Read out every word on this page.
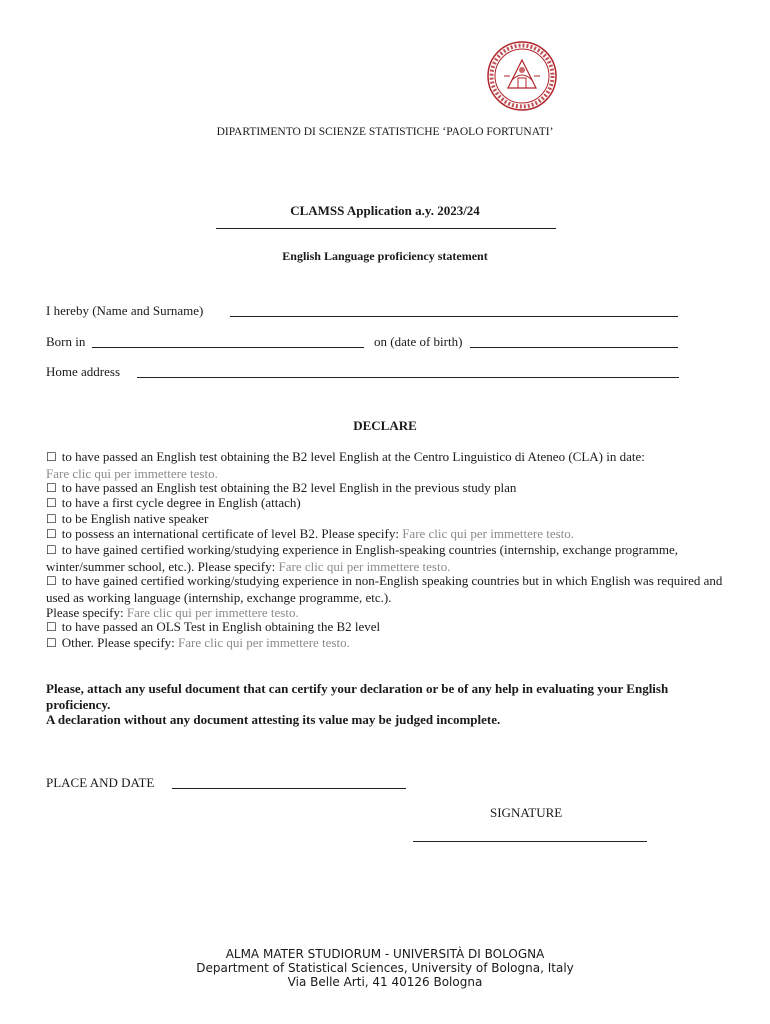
DIPARTIMENTO DI SCIENZE STATISTICHE ‘PAOLO FORTUNATI’
CLAMSS Application a.y. 2023/24
English Language proficiency statement
I hereby (Name and Surname)
Born in	on (date of birth)
Home address
DECLARE
☐ to have passed an English test obtaining the B2 level English at the Centro Linguistico di Ateneo (CLA) in date:
Fare clic qui per immettere testo.
☐ to have passed an English test obtaining the B2 level English in the previous study plan
☐ to have a first cycle degree in English (attach)
☐ to be English native speaker
☐ to possess an international certificate of level B2. Please specify: Fare clic qui per immettere testo.
☐ to have gained certified working/studying experience in English-speaking countries (internship, exchange programme, winter/summer school, etc.). Please specify: Fare clic qui per immettere testo.
☐ to have gained certified working/studying experience in non-English speaking countries but in which English was required and used as working language (internship, exchange programme, etc.).
Please specify: Fare clic qui per immettere testo.
☐ to have passed an OLS Test in English obtaining the B2 level
☐ Other. Please specify: Fare clic qui per immettere testo.
Please, attach any useful document that can certify your declaration or be of any help in evaluating your English proficiency.
A declaration without any document attesting its value may be judged incomplete.
PLACE AND DATE
SIGNATURE
ALMA MATER STUDIORUM - UNIVERSITÀ DI BOLOGNA
Department of Statistical Sciences, University of Bologna, Italy
Via Belle Arti, 41 40126 Bologna
